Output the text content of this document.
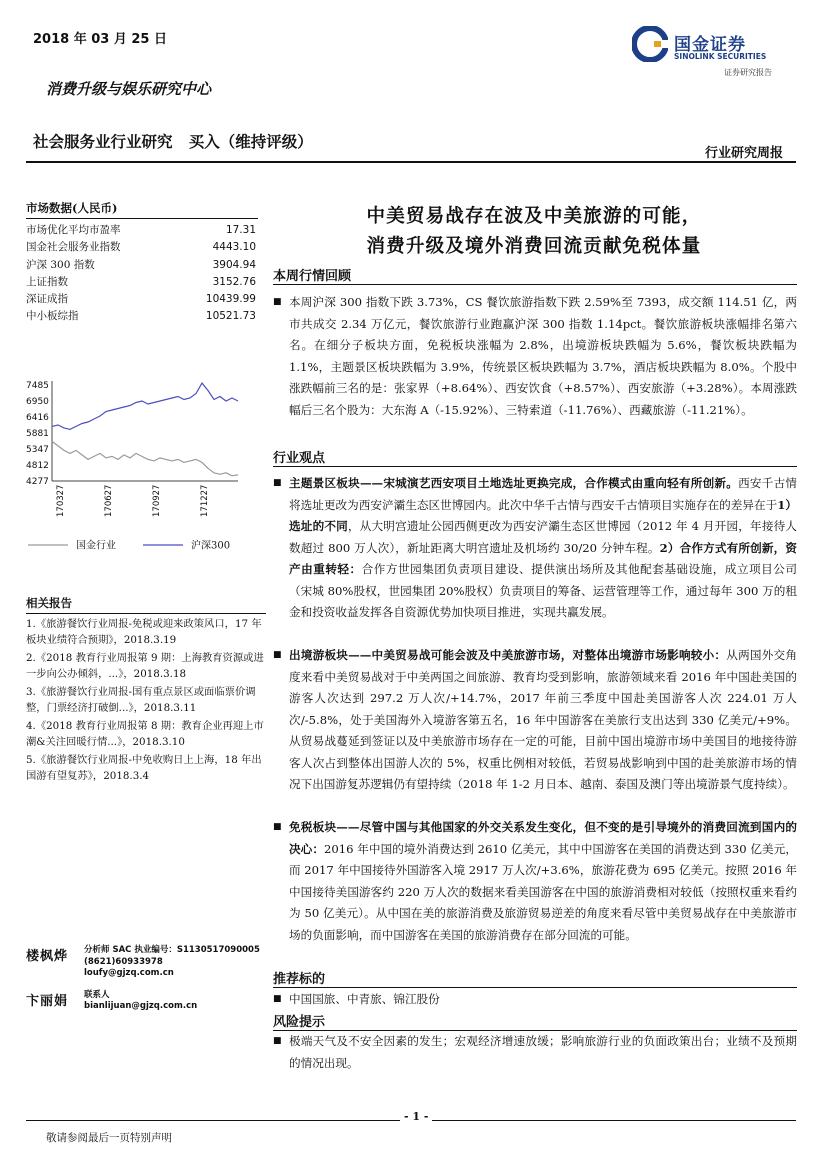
2018 年 03 月 25 日	国金证券
SINOLINK SECURITIES
证券研究报告
消费升级与娱乐研究中心
社会服务业行业研究   买入（维持评级）
行业研究周报
市场数据(人民币)
市场优化平均市盈率	17.31
国金社会服务业指数	4443.10
沪深 300 指数	3904.94
上证指数	3152.76
深证成指	10439.99
中小板综指	10521.73
7485
6950
6416
5881
5347
4812
4277
170327	170627	170927	171227
国金行业	沪深300
相关报告
1.《旅游餐饮行业周报-免税或迎来政策风口，17 年板块业绩符合预期》，2018.3.19
2.《2018 教育行业周报第 9 期：上海教育资源或进一步向公办倾斜，...》，2018.3.18
3.《旅游餐饮行业周报-国有重点景区或面临票价调整，门票经济打破倒...》，2018.3.11
4.《2018 教育行业周报第 8 期：教育企业再迎上市潮&关注回暖行情...》，2018.3.10
5.《旅游餐饮行业周报-中免收购日上上海，18 年出国游有望复苏》，2018.3.4
楼枫烨	分析师 SAC 执业编号：S1130517090005
(8621)60933978
loufy@gjzq.com.cn
卞丽娟	联系人
bianlijuan@gjzq.com.cn
中美贸易战存在波及中美旅游的可能，
消费升级及境外消费回流贡献免税体量
本周行情回顾
■ 本周沪深 300 指数下跌 3.73%，CS 餐饮旅游指数下跌 2.59%至 7393，成交额 114.51 亿，两市共成交 2.34 万亿元，餐饮旅游行业跑赢沪深 300 指数 1.14pct。餐饮旅游板块涨幅排名第六名。在细分子板块方面，免税板块涨幅为 2.8%，出境游板块跌幅为 5.6%，餐饮板块跌幅为 1.1%，主题景区板块跌幅为 3.9%，传统景区板块跌幅为 3.7%，酒店板块跌幅为 8.0%。个股中涨跌幅前三名的是：张家界（+8.64%）、西安饮食（+8.57%）、西安旅游（+3.28%）。本周涨跌幅后三名个股为：大东海 A（-15.92%）、三特索道（-11.76%）、西藏旅游（-11.21%）。
行业观点
■ 主题景区板块——宋城演艺西安项目土地选址更换完成，合作模式由重向轻有所创新。西安千古情将选址更改为西安浐灞生态区世博园内。此次中华千古情与西安千古情项目实施存在的差异在于1）选址的不同，从大明宫遗址公园西侧更改为西安浐灞生态区世博园（2012 年 4 月开园，年接待人数超过 800 万人次），新址距离大明宫遗址及机场约 30/20 分钟车程。2）合作方式有所创新，资产由重转轻：合作方世园集团负责项目建设、提供演出场所及其他配套基础设施，成立项目公司（宋城 80%股权，世园集团 20%股权）负责项目的筹备、运营管理等工作，通过每年 300 万的租金和投资收益发挥各自资源优势加快项目推进，实现共赢发展。
■ 出境游板块——中美贸易战可能会波及中美旅游市场，对整体出境游市场影响较小：从两国外交角度来看中美贸易战对于中美两国之间旅游、教育均受到影响，旅游领域来看 2016 年中国赴美国的游客人次达到 297.2 万人次/+14.7%，2017 年前三季度中国赴美国游客人次 224.01 万人次/-5.8%，处于美国海外入境游客第五名，16 年中国游客在美旅行支出达到 330 亿美元/+9%。从贸易战蔓延到签证以及中美旅游市场存在一定的可能，目前中国出境游市场中美国目的地接待游客人次占到整体出国游人次的 5%，权重比例相对较低，若贸易战影响到中国的赴美旅游市场的情况下出国游复苏逻辑仍有望持续（2018 年 1-2 月日本、越南、泰国及澳门等出境游景气度持续）。
■ 免税板块——尽管中国与其他国家的外交关系发生变化，但不变的是引导境外的消费回流到国内的决心：2016 年中国的境外消费达到 2610 亿美元，其中中国游客在美国的消费达到 330 亿美元，而 2017 年中国接待外国游客入境 2917 万人次/+3.6%，旅游花费为 695 亿美元。按照 2016 年中国接待美国游客约 220 万人次的数据来看美国游客在中国的旅游消费相对较低（按照权重来看约为 50 亿美元）。从中国在美的旅游消费及旅游贸易逆差的角度来看尽管中美贸易战存在中美旅游市场的负面影响，而中国游客在美国的旅游消费存在部分回流的可能。
推荐标的
■ 中国国旅、中青旅、锦江股份
风险提示
■ 极端天气及不安全因素的发生；宏观经济增速放缓；影响旅游行业的负面政策出台；业绩不及预期的情况出现。
- 1 -
敬请参阅最后一页特别声明
